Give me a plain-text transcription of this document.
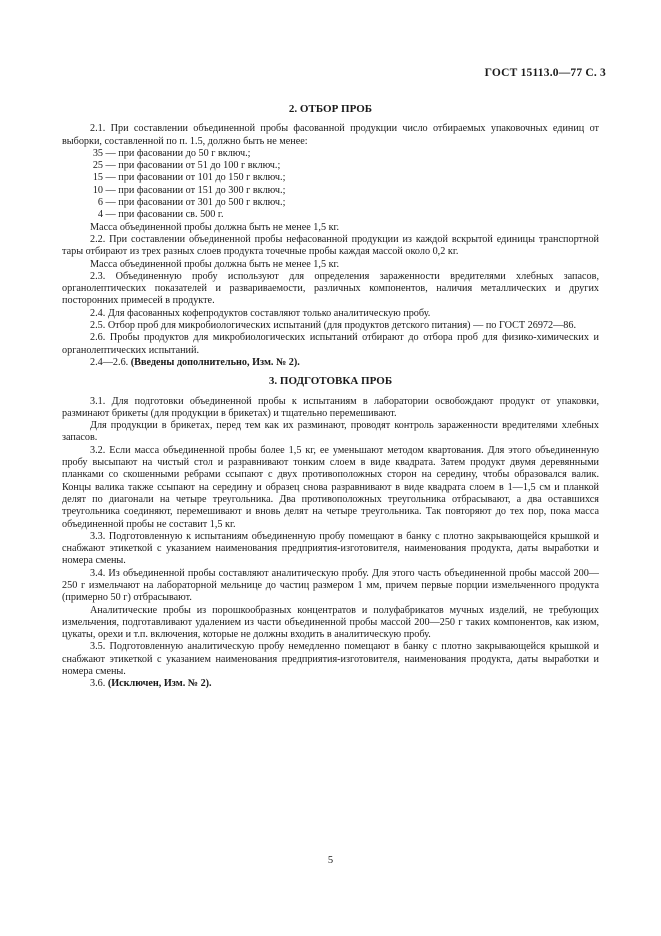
ГОСТ 15113.0—77 С. 3

2. ОТБОР ПРОБ

2.1. При составлении объединенной пробы фасованной продукции число отбираемых упаковочных единиц от выборки, составленной по п. 1.5, должно быть не менее:

35 — при фасовании до 50 г включ.;

25 — при фасовании от 51 до 100 г включ.;

15 — при фасовании от 101 до 150 г включ.;

10 — при фасовании от 151 до 300 г включ.;

6 — при фасовании от 301 до 500 г включ.;

4 — при фасовании св. 500 г.

Масса объединенной пробы должна быть не менее 1,5 кг.

2.2. При составлении объединенной пробы нефасованной продукции из каждой вскрытой единицы транспортной тары отбирают из трех разных слоев продукта точечные пробы каждая массой около 0,2 кг.

Масса объединенной пробы должна быть не менее 1,5 кг.

2.3. Объединенную пробу используют для определения зараженности вредителями хлебных запасов, органолептических показателей и развариваемости, различных компонентов, наличия металлических и других посторонних примесей в продукте.

2.4. Для фасованных кофепродуктов составляют только аналитическую пробу.

2.5. Отбор проб для микробиологических испытаний (для продуктов детского питания) — по ГОСТ 26972—86.

2.6. Пробы продуктов для микробиологических испытаний отбирают до отбора проб для физико-химических и органолептических испытаний.

2.4—2.6. (Введены дополнительно, Изм. № 2).

3. ПОДГОТОВКА ПРОБ

3.1. Для подготовки объединенной пробы к испытаниям в лаборатории освобождают продукт от упаковки, разминают брикеты (для продукции в брикетах) и тщательно перемешивают.

Для продукции в брикетах, перед тем как их разминают, проводят контроль зараженности вредителями хлебных запасов.

3.2. Если масса объединенной пробы более 1,5 кг, ее уменьшают методом квартования. Для этого объединенную пробу высыпают на чистый стол и разравнивают тонким слоем в виде квадрата. Затем продукт двумя деревянными планками со скошенными ребрами ссыпают с двух противоположных сторон на середину, чтобы образовался валик. Концы валика также ссыпают на середину и образец снова разравнивают в виде квадрата слоем в 1—1,5 см и планкой делят по диагонали на четыре треугольника. Два противоположных треугольника отбрасывают, а два оставшихся треугольника соединяют, перемешивают и вновь делят на четыре треугольника. Так повторяют до тех пор, пока масса объединенной пробы не составит 1,5 кг.

3.3. Подготовленную к испытаниям объединенную пробу помещают в банку с плотно закрывающейся крышкой и снабжают этикеткой с указанием наименования предприятия-изготовителя, наименования продукта, даты выработки и номера смены.

3.4. Из объединенной пробы составляют аналитическую пробу. Для этого часть объединенной пробы массой 200—250 г измельчают на лабораторной мельнице до частиц размером 1 мм, причем первые порции измельченного продукта (примерно 50 г) отбрасывают.

Аналитические пробы из порошкообразных концентратов и полуфабрикатов мучных изделий, не требующих измельчения, подготавливают удалением из части объединенной пробы массой 200—250 г таких компонентов, как изюм, цукаты, орехи и т.п. включения, которые не должны входить в аналитическую пробу.

3.5. Подготовленную аналитическую пробу немедленно помещают в банку с плотно закрывающейся крышкой и снабжают этикеткой с указанием наименования предприятия-изготовителя, наименования продукта, даты выработки и номера смены.

3.6. (Исключен, Изм. № 2).

5
